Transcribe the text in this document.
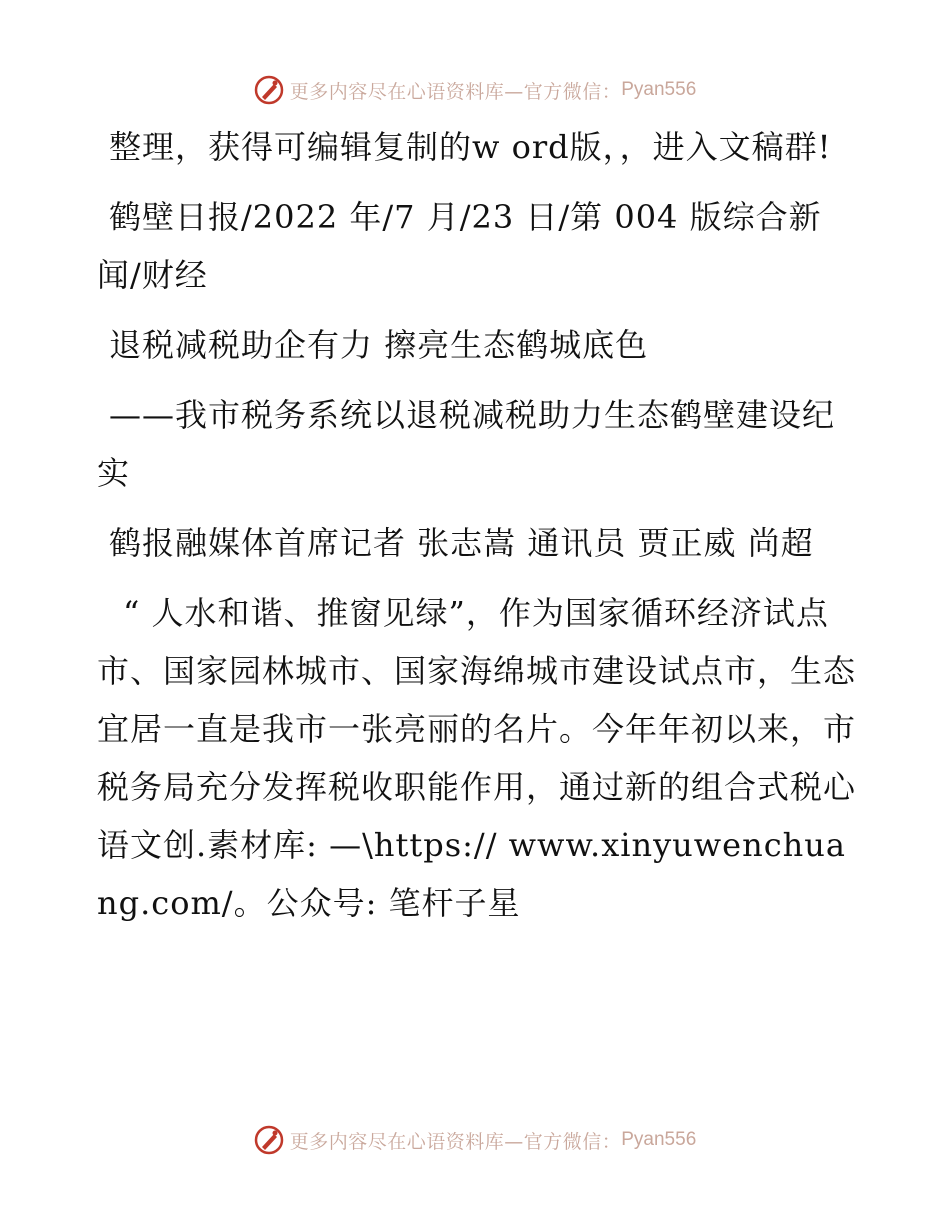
更多内容尽在心语资料库—官方微信： Pyan556

整理，获得可编辑复制的w ord版，，进入文稿群!

鹤壁日报/2022 年/7 月/23 日/第 004 版综合新闻/财经

退税减税助企有力 擦亮生态鹤城底色

——我市税务系统以退税减税助力生态鹤壁建设纪实

鹤报融媒体首席记者 张志嵩 通讯员 贾正威 尚超

“ 人水和谐、推窗见绿”，作为国家循环经济试点市、国家园林城市、国家海绵城市建设试点市，生态宜居一直是我市一张亮丽的名片。今年年初以来，市税务局充分发挥税收职能作用，通过新的组合式税心语文创.素材库: —\https:// www.xinyuwenchuang.com/。公众号: 笔杆子星

更多内容尽在心语资料库—官方微信： Pyan556
